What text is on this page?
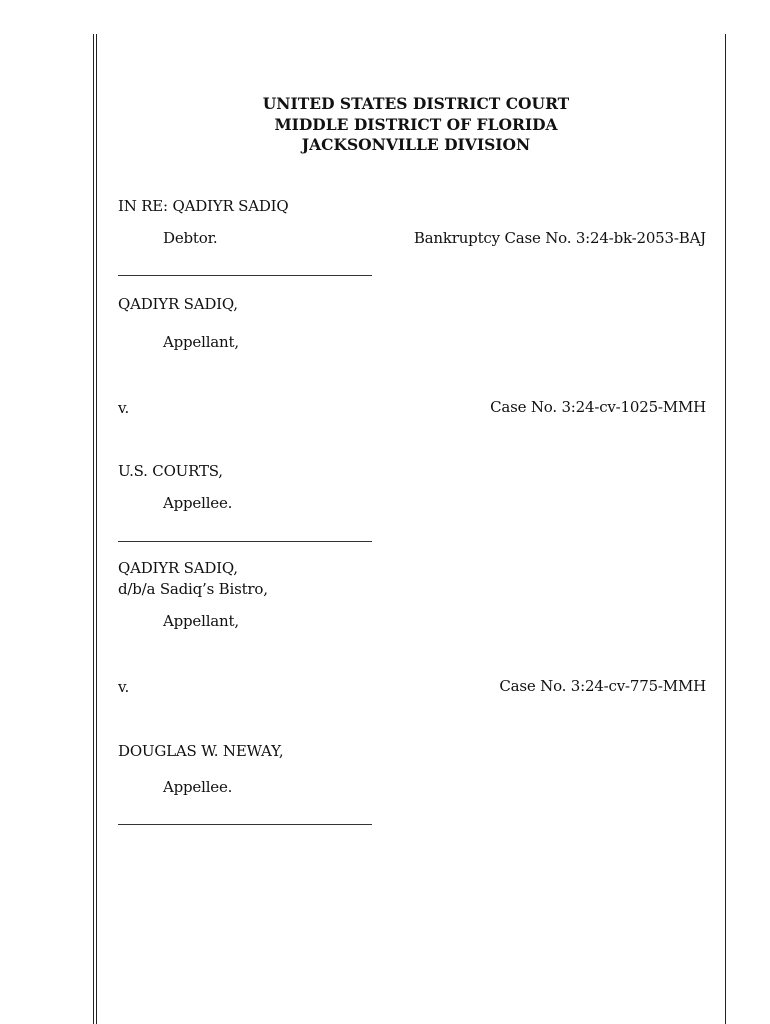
UNITED STATES DISTRICT COURT
MIDDLE DISTRICT OF FLORIDA
JACKSONVILLE DIVISION
IN RE: QADIYR SADIQ
Debtor.	Bankruptcy Case No. 3:24-bk-2053-BAJ
QADIYR SADIQ,
Appellant,
v.	Case No. 3:24-cv-1025-MMH
U.S. COURTS,
Appellee.
QADIYR SADIQ,
d/b/a Sadiq’s Bistro,
Appellant,
v.	Case No. 3:24-cv-775-MMH
DOUGLAS W. NEWAY,
Appellee.
